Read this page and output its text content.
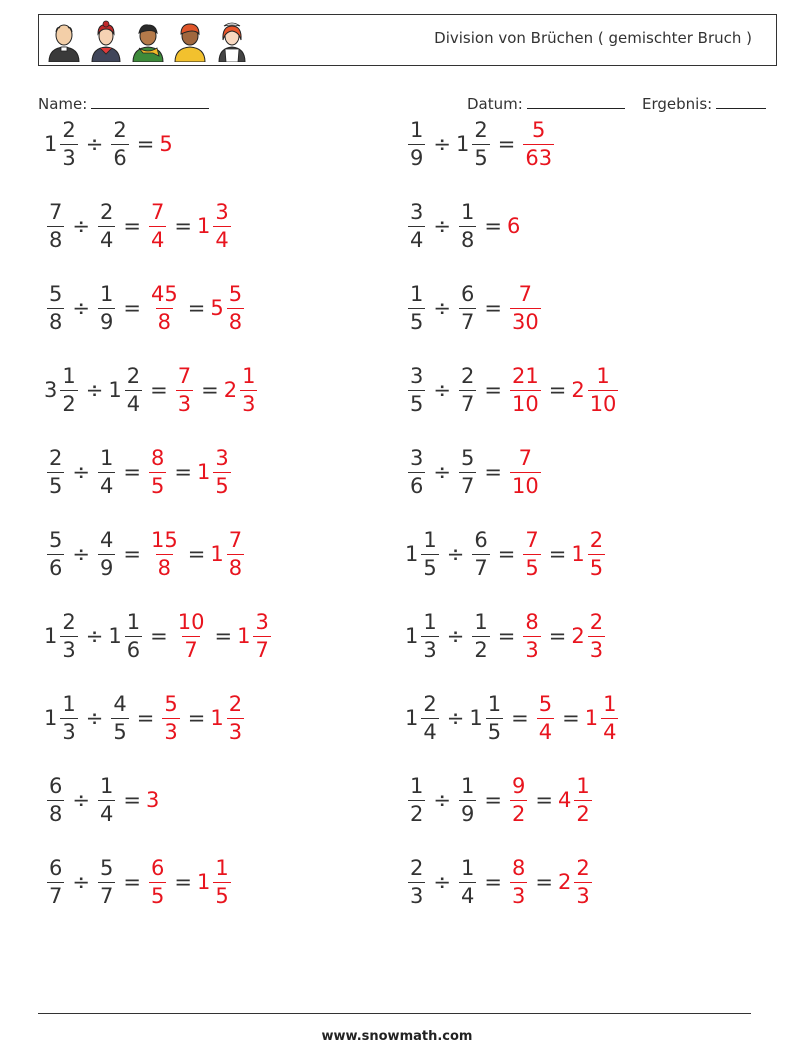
Division von Brüchen ( gemischter Bruch )
Name:	Datum:	Ergebnis:
$1 \frac{2}{3} \div \frac{2}{6} = 5$	$\frac{1}{9} \div 1 \frac{2}{5} = \frac{5}{63}$
$\frac{7}{8} \div \frac{2}{4} = \frac{7}{4} = 1 \frac{3}{4}$	$\frac{3}{4} \div \frac{1}{8} = 6$
$\frac{5}{8} \div \frac{1}{9} = \frac{45}{8} = 5 \frac{5}{8}$	$\frac{1}{5} \div \frac{6}{7} = \frac{7}{30}$
$3 \frac{1}{2} \div 1 \frac{2}{4} = \frac{7}{3} = 2 \frac{1}{3}$	$\frac{3}{5} \div \frac{2}{7} = \frac{21}{10} = 2 \frac{1}{10}$
$\frac{2}{5} \div \frac{1}{4} = \frac{8}{5} = 1 \frac{3}{5}$	$\frac{3}{6} \div \frac{5}{7} = \frac{7}{10}$
$\frac{5}{6} \div \frac{4}{9} = \frac{15}{8} = 1 \frac{7}{8}$	$1 \frac{1}{5} \div \frac{6}{7} = \frac{7}{5} = 1 \frac{2}{5}$
$1 \frac{2}{3} \div 1 \frac{1}{6} = \frac{10}{7} = 1 \frac{3}{7}$	$1 \frac{1}{3} \div \frac{1}{2} = \frac{8}{3} = 2 \frac{2}{3}$
$1 \frac{1}{3} \div \frac{4}{5} = \frac{5}{3} = 1 \frac{2}{3}$	$1 \frac{2}{4} \div 1 \frac{1}{5} = \frac{5}{4} = 1 \frac{1}{4}$
$\frac{6}{8} \div \frac{1}{4} = 3$	$\frac{1}{2} \div \frac{1}{9} = \frac{9}{2} = 4 \frac{1}{2}$
$\frac{6}{7} \div \frac{5}{7} = \frac{6}{5} = 1 \frac{1}{5}$	$\frac{2}{3} \div \frac{1}{4} = \frac{8}{3} = 2 \frac{2}{3}$
www.snowmath.com
